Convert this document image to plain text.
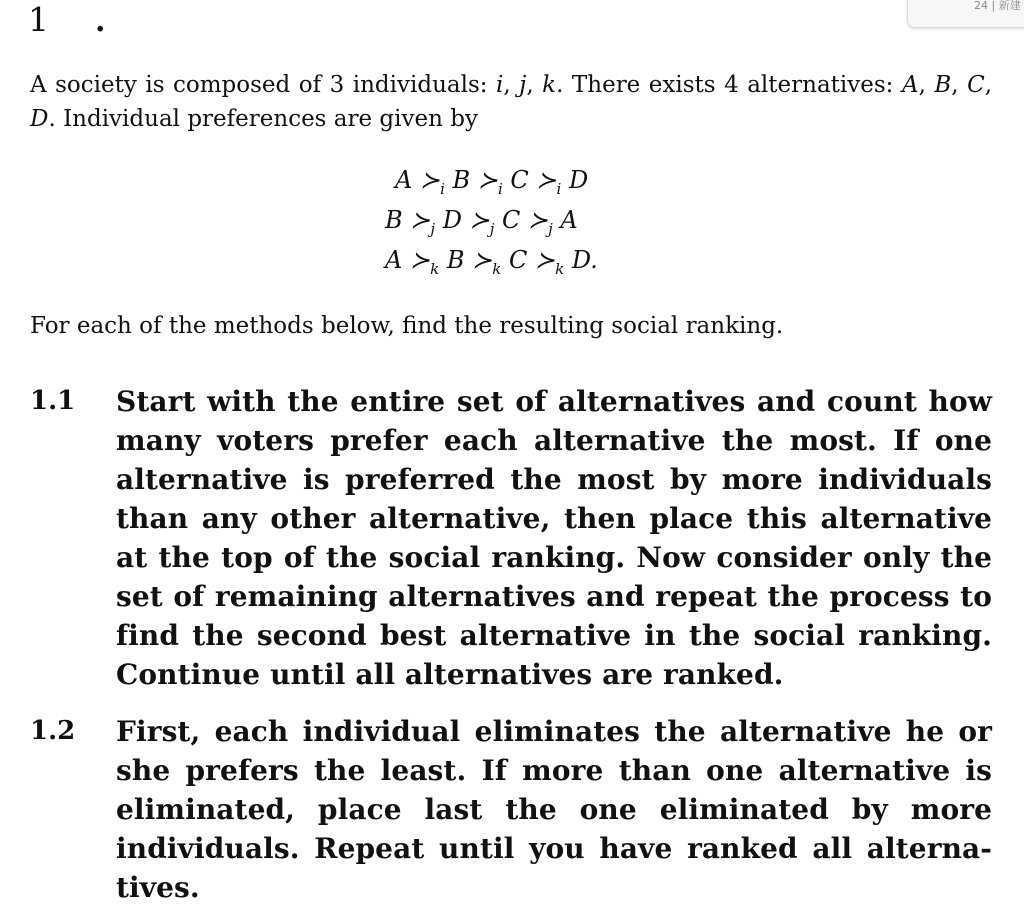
24 | 新建
1 .

A society is composed of 3 individuals: i, j, k. There exists 4 alternatives: A, B, C, D. Individual preferences are given by

A $≻_i$ B $≻_i$ C $≻_i$ D
B $≻_j$ D $≻_j$ C $≻_j$ A
A $≻_k$ B $≻_k$ C $≻_k$ D.

For each of the methods below, find the resulting social ranking.

1.1 Start with the entire set of alternatives and count how many voters prefer each alternative the most. If one alternative is preferred the most by more individuals than any other alternative, then place this alternative at the top of the social ranking. Now consider only the set of remaining alternatives and repeat the process to find the second best alternative in the social ranking. Continue until all alternatives are ranked.
1.2 First, each individual eliminates the alternative he or she prefers the least. If more than one alternative is eliminated, place last the one eliminated by more individuals. Repeat until you have ranked all alterna-tives.
